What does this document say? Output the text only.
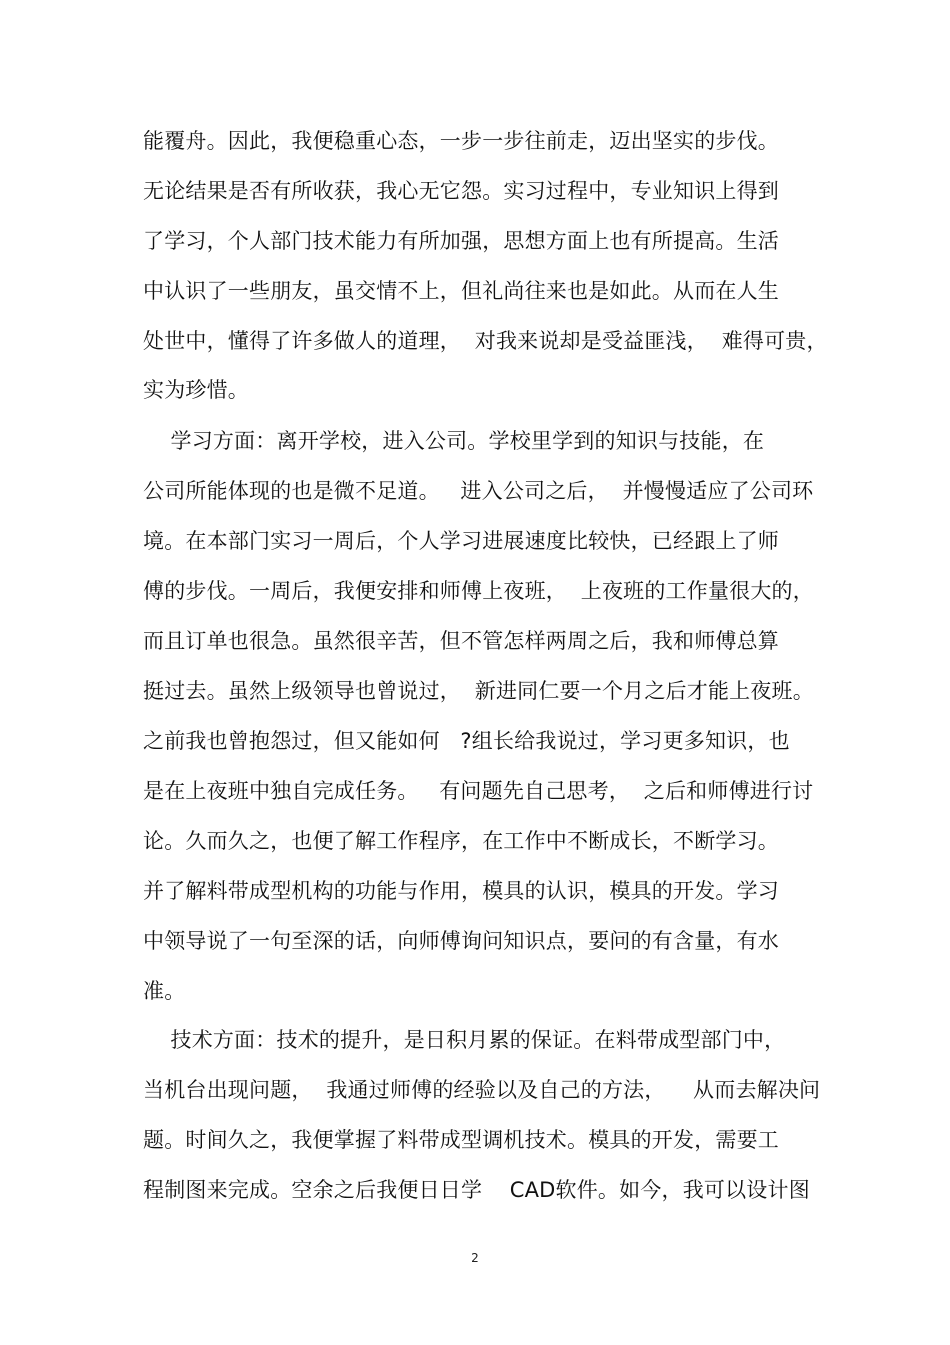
能覆舟。因此，我便稳重心态，一步一步往前走，迈出坚实的步伐。
无论结果是否有所收获，我心无它怨。实习过程中，专业知识上得到
了学习，个人部门技术能力有所加强，思想方面上也有所提高。生活
中认识了一些朋友，虽交情不上，但礼尚往来也是如此。从而在人生
处世中，懂得了许多做人的道理，  对我来说却是受益匪浅，  难得可贵，
实为珍惜。
学习方面：离开学校，进入公司。学校里学到的知识与技能，在
公司所能体现的也是微不足道。   进入公司之后，  并慢慢适应了公司环
境。在本部门实习一周后，个人学习进展速度比较快，已经跟上了师
傅的步伐。一周后，我便安排和师傅上夜班，  上夜班的工作量很大的，
而且订单也很急。虽然很辛苦，但不管怎样两周之后，我和师傅总算
挺过去。虽然上级领导也曾说过，  新进同仁要一个月之后才能上夜班。
之前我也曾抱怨过，但又能如何   ?组长给我说过，学习更多知识，也
是在上夜班中独自完成任务。   有问题先自己思考，  之后和师傅进行讨
论。久而久之，也便了解工作程序，在工作中不断成长，不断学习。
并了解料带成型机构的功能与作用，模具的认识，模具的开发。学习
中领导说了一句至深的话，向师傅询问知识点，要问的有含量，有水
准。
技术方面：技术的提升，是日积月累的保证。在料带成型部门中，
当机台出现问题，  我通过师傅的经验以及自己的方法，    从而去解决问
题。时间久之，我便掌握了料带成型调机技术。模具的开发，需要工
程制图来完成。空余之后我便日日学    CAD软件。如今，我可以设计图
2
